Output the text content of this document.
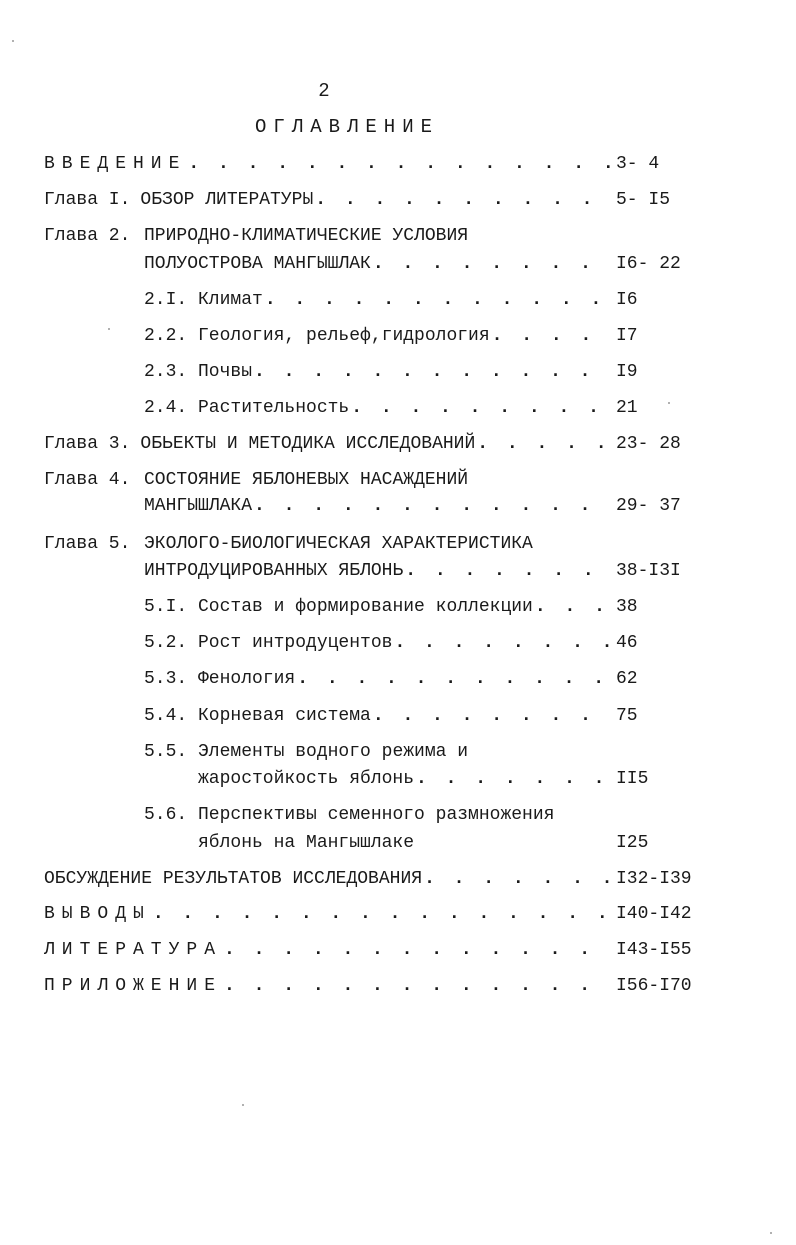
2
ОГЛАВЛЕНИЕ
ВВЕДЕНИЕ . . .	3- 4
Глава I. ОБЗОР ЛИТЕРАТУРЫ . . .	5- I5
Глава 2. ПРИРОДНО-КЛИМАТИЧЕСКИЕ УСЛОВИЯ
ПОЛУОСТРОВА МАНГЫШЛАК . . .	I6- 22
2.I. Климат . . .	I6
2.2. Геология, рельеф,гидрология . . .	I7
2.3. Почвы . . .	I9
2.4. Растительность . . .	21
Глава 3. ОБЬЕКТЫ И МЕТОДИКА ИССЛЕДОВАНИЙ . . .	23- 28
Глава 4. СОСТОЯНИЕ ЯБЛОНЕВЫХ НАСАЖДЕНИЙ
МАНГЫШЛАКА . . .	29- 37
Глава 5. ЭКОЛОГО-БИОЛОГИЧЕСКАЯ ХАРАКТЕРИСТИКА
ИНТРОДУЦИРОВАННЫХ ЯБЛОНЬ . . .	38-I3I
5.I. Состав и формирование коллекции . . .	38
5.2. Рост интродуцентов . . .	46
5.3. Фенология . . .	62
5.4. Корневая система . . .	75
5.5. Элементы водного режима и
жаростойкость яблонь . . .	II5
5.6. Перспективы семенного размножения
яблонь на Мангышлаке	I25
ОБСУЖДЕНИЕ РЕЗУЛЬТАТОВ ИССЛЕДОВАНИЯ . . .	I32-I39
ВЫВОДЫ . . .	I40-I42
ЛИТЕРАТУРА . . .	I43-I55
ПРИЛОЖЕНИЕ . . .	I56-I70
